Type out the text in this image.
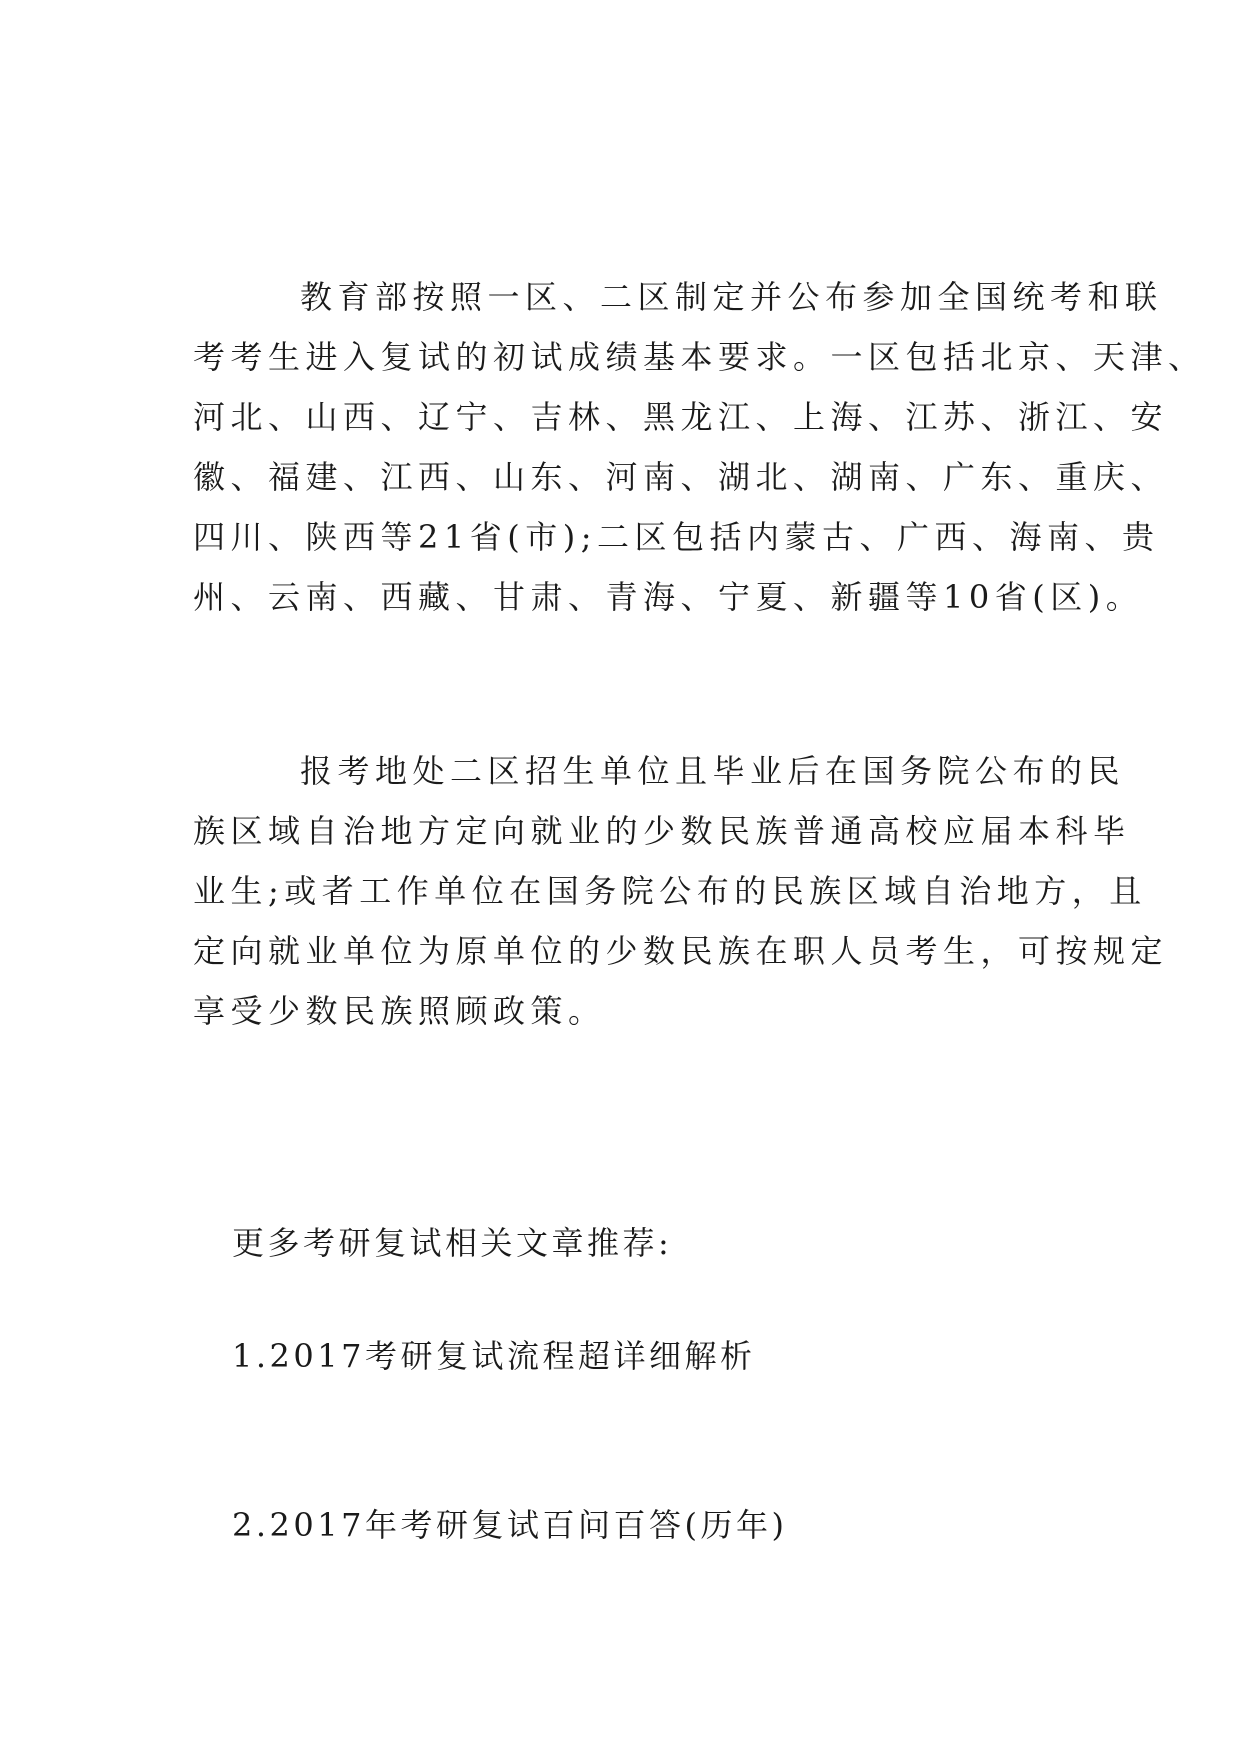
教育部按照一区、二区制定并公布参加全国统考和联
考考生进入复试的初试成绩基本要求。一区包括北京、天津、
河北、山西、辽宁、吉林、黑龙江、上海、江苏、浙江、安
徽、福建、江西、山东、河南、湖北、湖南、广东、重庆、
四川、陕西等21省(市);二区包括内蒙古、广西、海南、贵
州、云南、西藏、甘肃、青海、宁夏、新疆等10省(区)。
报考地处二区招生单位且毕业后在国务院公布的民
族区域自治地方定向就业的少数民族普通高校应届本科毕
业生;或者工作单位在国务院公布的民族区域自治地方，且
定向就业单位为原单位的少数民族在职人员考生，可按规定
享受少数民族照顾政策。
更多考研复试相关文章推荐:
1.2017考研复试流程超详细解析
2.2017年考研复试百问百答(历年)
